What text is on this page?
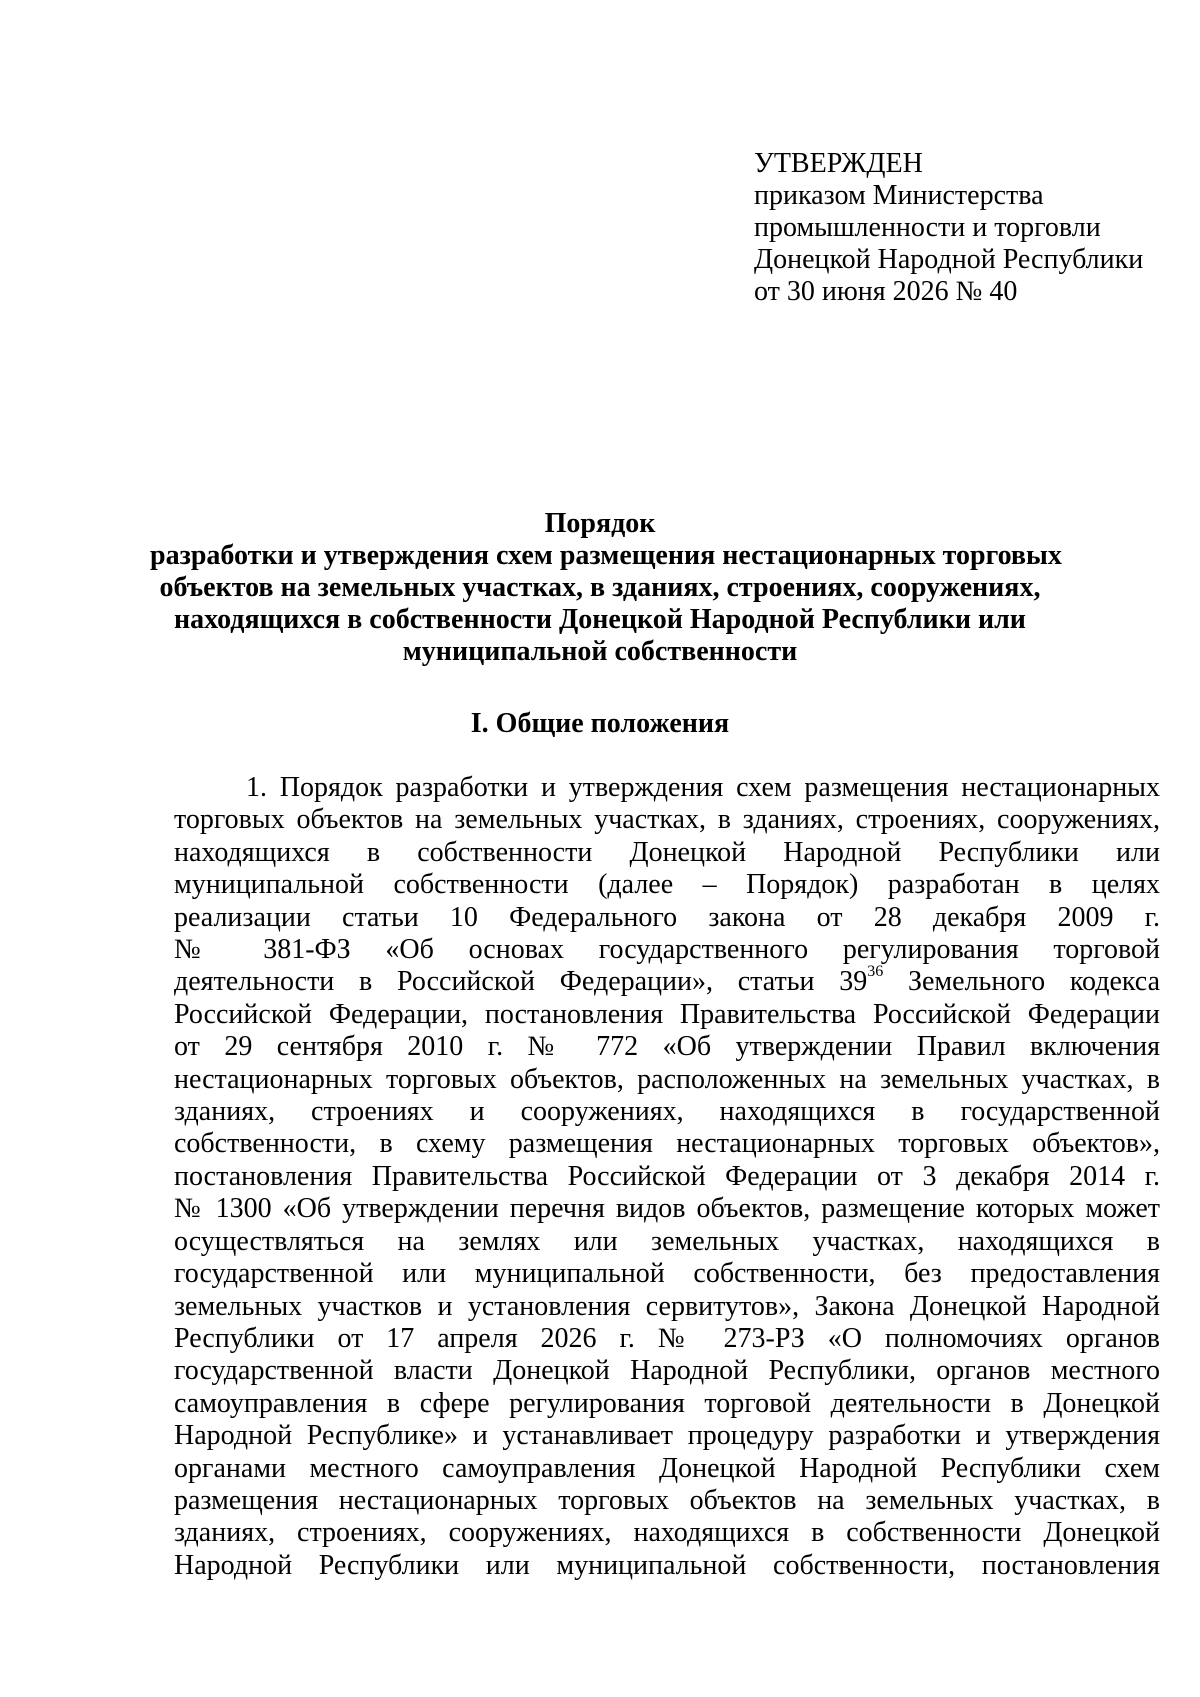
УТВЕРЖДЕН
приказом Министерства
промышленности и торговли
Донецкой Народной Республики
от 30 июня 2026 № 40
Порядок
разработки и утверждения схем размещения нестационарных торговых
объектов на земельных участках, в зданиях, строениях, сооружениях,
находящихся в собственности Донецкой Народной Республики или
муниципальной собственности
I. Общие положения
1. Порядок разработки и утверждения схем размещения нестационарных
торговых объектов на земельных участках, в зданиях, строениях, сооружениях,
находящихся в собственности Донецкой Народной Республики или
муниципальной собственности (далее – Порядок) разработан в целях
реализации статьи 10 Федерального закона от 28 декабря 2009 г.
№ 381-ФЗ «Об основах государственного регулирования торговой
деятельности в Российской Федерации», статьи $39^{36}$ Земельного кодекса
Российской Федерации, постановления Правительства Российской Федерации
от 29 сентября 2010 г. № 772 «Об утверждении Правил включения
нестационарных торговых объектов, расположенных на земельных участках, в
зданиях, строениях и сооружениях, находящихся в государственной
собственности, в схему размещения нестационарных торговых объектов»,
постановления Правительства Российской Федерации от 3 декабря 2014 г.
№ 1300 «Об утверждении перечня видов объектов, размещение которых может
осуществляться на землях или земельных участках, находящихся в
государственной или муниципальной собственности, без предоставления
земельных участков и установления сервитутов», Закона Донецкой Народной
Республики от 17 апреля 2026 г. № 273-РЗ «О полномочиях органов
государственной власти Донецкой Народной Республики, органов местного
самоуправления в сфере регулирования торговой деятельности в Донецкой
Народной Республике» и устанавливает процедуру разработки и утверждения
органами местного самоуправления Донецкой Народной Республики схем
размещения нестационарных торговых объектов на земельных участках, в
зданиях, строениях, сооружениях, находящихся в собственности Донецкой
Народной Республики или муниципальной собственности, постановления
